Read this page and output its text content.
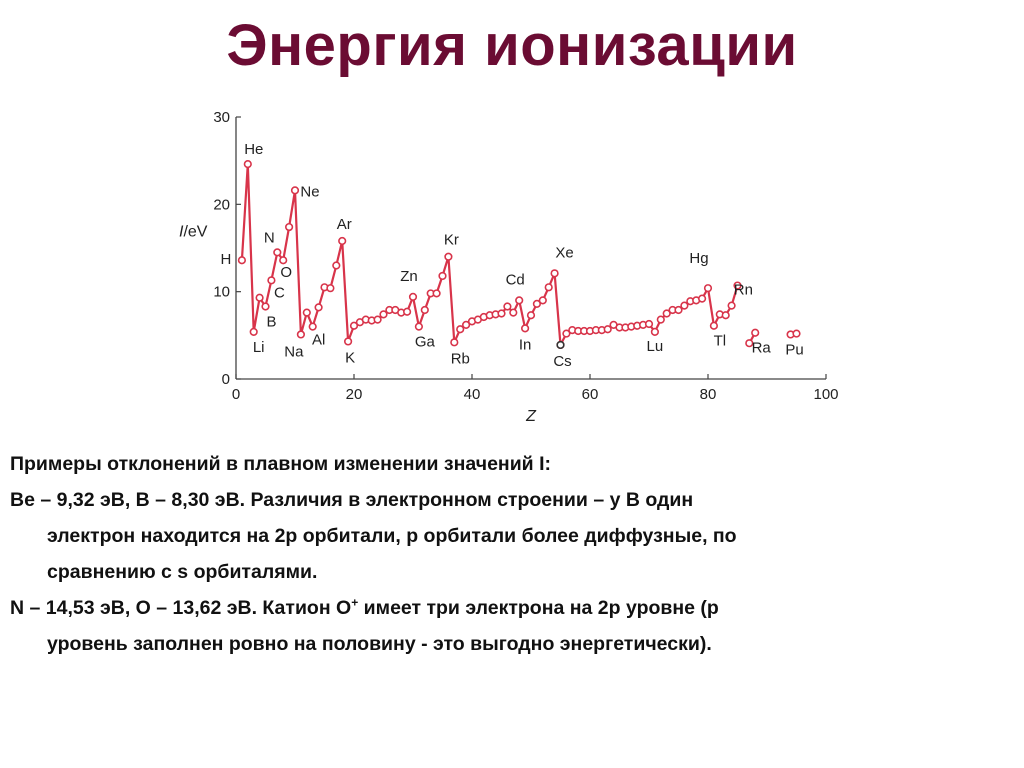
Энергия ионизации
0
10
20
30
0	20	40	60	80	100
Z
I/eV
H
He
Li
B
C
N
O
Ne
Na
Al
Ar
K
Zn
Ga
Kr
Rb
Cd
In
Xe
Cs
Lu
Hg
Tl
Rn
Ra Pu

Примеры отклонений в плавном изменении значений I:

Be – 9,32 эВ, В – 8,30 эВ. Различия в электронном строении – у В один

электрон находится на 2р орбитали, р орбитали более диффузные, по

сравнению с s орбиталями.

N – 14,53 эВ, O – 13,62 эВ. Катион О+ имеет три электрона на 2р уровне (р

уровень заполнен ровно на половину - это выгодно энергетически).
